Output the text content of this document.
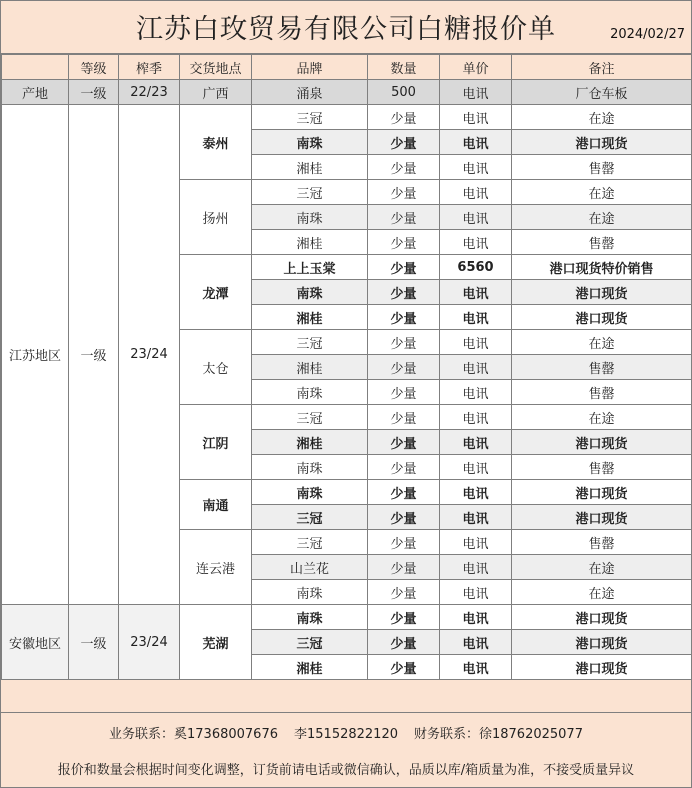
江苏白玫贸易有限公司白糖报价单	2024/02/27
	等级	榨季	交货地点	品牌	数量	单价	备注
产地	一级	22/23	广西	涌泉	500	电讯	厂仓车板
江苏地区	一级	23/24	泰州	三冠	少量	电讯	在途
				南珠	少量	电讯	港口现货
				湘桂	少量	电讯	售罄
			扬州	三冠	少量	电讯	在途
				南珠	少量	电讯	在途
				湘桂	少量	电讯	售罄
			龙潭	上上玉棠	少量	6560	港口现货特价销售
				南珠	少量	电讯	港口现货
				湘桂	少量	电讯	港口现货
			太仓	三冠	少量	电讯	在途
				湘桂	少量	电讯	售罄
				南珠	少量	电讯	售罄
			江阴	三冠	少量	电讯	在途
				湘桂	少量	电讯	港口现货
				南珠	少量	电讯	售罄
			南通	南珠	少量	电讯	港口现货
				三冠	少量	电讯	港口现货
			连云港	三冠	少量	电讯	售罄
				山兰花	少量	电讯	在途
				南珠	少量	电讯	在途
安徽地区	一级	23/24	芜湖	南珠	少量	电讯	港口现货
				三冠	少量	电讯	港口现货
				湘桂	少量	电讯	港口现货
业务联系：奚17368007676 李15152822120 财务联系：徐18762025077
报价和数量会根据时间变化调整，订货前请电话或微信确认，品质以库/箱质量为准，不接受质量异议
